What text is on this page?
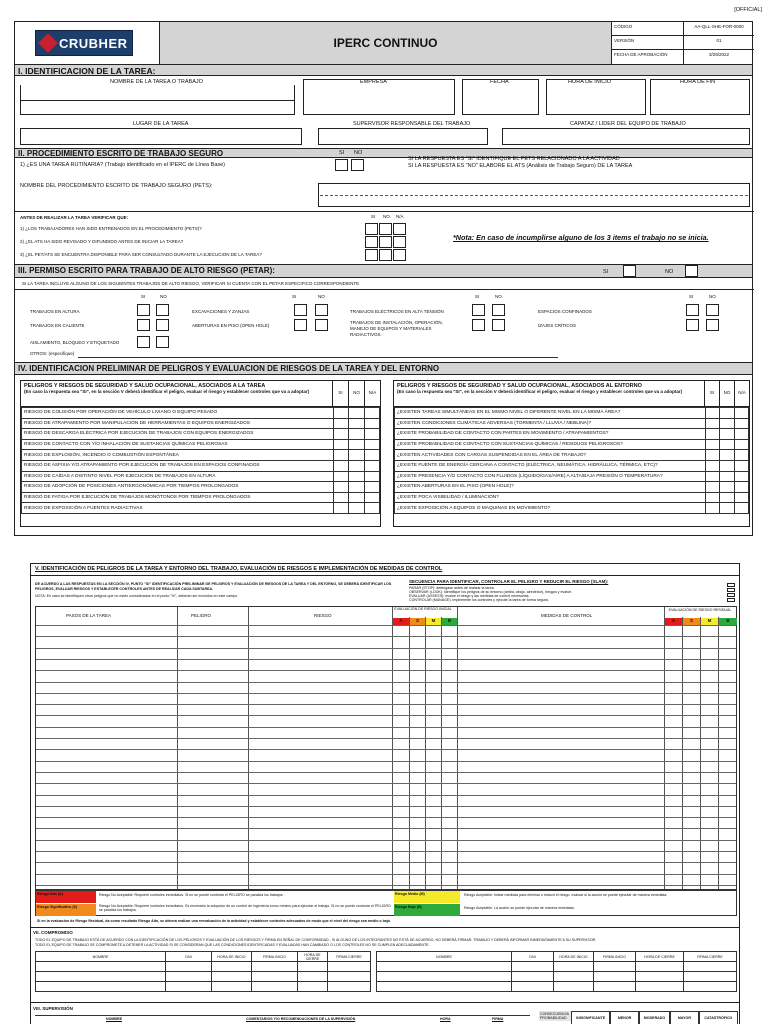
[OFFICIAL]
CRUBHER	IPERC CONTINUO
CÓDIGO	AA-QLL-SHE-FOR-0000
VERSIÓN	01
FECHA DE APROBACIÓN	3/29/2022
I. IDENTIFICACION DE LA TAREA:
NOMBRE DE LA TAREA O TRABAJO	EMPRESA	FECHA	HORA DE INICIO	HORA DE FIN
LUGAR DE LA TAREA	SUPERVISOR RESPONSABLE DEL TRABAJO	CAPATAZ / LIDER DEL EQUIPO DE TRABAJO
II. PROCEDIMIENTO ESCRITO DE TRABAJO SEGURO	SI NO
1) ¿ES UNA TAREA RUTINARIA? (Trabajo identificado en el IPERC de Línea Base)
SI LA RESPUESTA ES "SI" IDENTIFIQUE EL PETS RELACIONADO A LA ACTIVIDAD
SI LA RESPUESTA ES "NO" ELABORE EL ATS (Análisis de Trabajo Seguro) DE LA TAREA
NOMBRE DEL PROCEDIMIENTO ESCRITO DE TRABAJO SEGURO (PETS):
ANTES DE REALIZAR LA TAREA VERIFICAR QUE:	SI NO N/A
1) ¿LOS TRABAJADORES HAN SIDO ENTRENADOS EN EL PROCEDIMIENTO (PETS)?
2) ¿EL ATS HA SIDO REVISADO Y DIFUNDIDO ANTES DE INICIAR LA TAREA?
3) ¿EL PET/ATS SE ENCUENTRA DISPONIBLE PARA SER CONSULTADO DURANTE LA EJECUCION DE LA TAREA?
*Nota: En caso de incumplirse alguno de los 3 items el trabajo no se inicia.
III. PERMISO ESCRITO PARA TRABAJO DE ALTO RIESGO (PETAR):	SI	NO
SI LA TAREA INCLUYE ALGUNO DE LOS SIGUIENTES TRABAJOS DE ALTO RIESGO, VERIFICAR SI CUENTA CON EL PETAR ESPECIFICO CORRESPONDIENTE
SI	NO	SI	NO	SI	NO	SI	NO
TRABAJOS EN ALTURA
TRABAJOS EN CALIENTE
EXCAVACIONES Y ZANJAS
ABERTURAS EN PISO (OPEN HOLE)
TRABAJOS ELÉCTRICOS EN ALTA TENSIÓN
TRABAJOS DE INSTALACIÓN, OPERACIÓN, MANEJO DE EQUIPOS Y MATERIALES RADIACTIVOS.
ESPACIOS CONFINADOS
IZAJES CRÍTICOS
AISLAMIENTO, BLOQUEO Y ETIQUETADO
OTROS: (especifique)
IV. IDENTIFICACION PRELIMINAR DE PELIGROS Y EVALUACION DE RIESGOS DE LA TAREA Y DEL ENTORNO
PELIGROS Y RIESGOS DE SEGURIDAD Y SALUD OCUPACIONAL, ASOCIADOS A LA TAREA
(En caso la respuesta sea "SI", en la sección V deberá identificar el peligro, evaluar el riesgo y establecer controles que va a adoptar)	SI	NO	N/A
RIESGO DE COLISIÓN POR OPERACIÓN DE VEHÍCULO LIVIANO O EQUIPO PESADO			
RIESGO DE ATRAPAMIENTO POR MANIPULACIÓN DE HERRAMIENTAS O EQUIPOS ENERGIZADOS			
RIESGO DE DESCARGA ELÉCTRICA POR EJECUCIÓN DE TRABAJOS CON EQUIPOS ENERGIZADOS			
RIESGO DE CONTACTO CON Y/O INHALACIÓN DE SUSTANCIAS QUÍMICAS PELIGROSAS			
RIESGO DE EXPLOSIÓN, INCENDIO O COMBUSTIÓN ESPONTÁNEA			
RIESGO DE ASFIXIA Y/O ATRAPAMIENTO POR EJECUCIÓN DE TRABAJOS EN ESPACIOS CONFINADOS			
RIESGO DE CAÍDAS A DISTINTO NIVEL POR EJECUCIÓN DE TRABAJOS EN ALTURA			
RIESGO DE ADOPCIÓN DE POSICIONES ANTIERGONÓMICAS POR TIEMPOS PROLONGADOS			
RIESGO DE FATIGA POR EJECUCIÓN DE TRABAJOS MONÓTONOS POR TIEMPOS PROLONGADOS			
RIESGO DE EXPOSICIÓN A FUENTES RADIACTIVAS			
PELIGROS Y RIESGOS DE SEGURIDAD Y SALUD OCUPACIONAL, ASOCIADOS AL ENTORNO
(En caso la respuesta sea "SI", en la sección V deberá identificar el peligro, evaluar el riesgo y establecer controles que va a adoptar)	SI	NO	N/A
¿EXISTEN TAREAS SIMULTÁNEAS EN EL MISMO NIVEL O DIFERENTE NIVEL EN LA MISMA ÁREA?			
¿EXISTEN CONDICIONES CLIMÁTICAS ADVERSAS (TORMENTA / LLUVIA / NEBLINA)?			
¿EXISTE PROBABILIDAD DE CONTACTO CON PARTES EN MOVIMIENTO / ATRAPAMIENTOS?			
¿EXISTE PROBABILIDAD DE CONTACTO CON SUSTANCIAS QUÍMICAS / RESIDUOS PELIGROSOS?			
¿EXISTEN ACTIVIDADES CON CARGAS SUSPENDIDAS EN EL ÁREA DE TRABAJO?			
¿EXISTE FUENTE DE ENERGÍA CERCANA A CONTACTO (ELÉCTRICA, NEUMÁTICA, HIDRÁULICA, TÉRMICA, ETC)?			
¿EXISTE PRESENCIA Y/O CONTACTO CON FLUIDOS (LÍQUIDO/GAS/AIRE) A ALTA/BAJA PRESIÓN O TEMPERATURA?			
¿EXISTEN ABERTURAS EN EL PISO (OPEN HOLE)?			
¿EXISTE POCA VISIBILIDAD / ILUMINACIÓN?			
¿EXISTE EXPOSICIÓN A EQUIPOS O MAQUINAS EN MOVIMIENTO?			
V. IDENTIFICACIÓN DE PELIGROS DE LA TAREA Y ENTORNO DEL TRABAJO, EVALUACIÓN DE RIESGOS E IMPLEMENTACIÓN DE MEDIDAS DE CONTROL
DE ACUERDO A LAS RESPUESTAS EN LA SECCIÓN IV, PUNTO "SI" IDENTIFICACIÓN PRELIMINAR DE PELIGROS Y EVALUACIÓN DE RIESGOS DE LA TAREA Y DEL ENTORNO, SE DEBERÁ IDENTIFICAR LOS PELIGROS, EVALUAR RIESGOS Y ESTABLECER CONTROLES ANTES DE REALIZAR CADA SUBTAREA.
NOTA: En caso se identifiquen otros peligros que no estén considerados en el punto "IV", deberán ser incluidos en este campo.
SECUENCIA PARA IDENTIFICAR, CONTROLAR EL PELIGRO Y REDUCIR EL RIESGO (SLAM):
PARAR (STOP): deténgase antes de realizar la tarea.
OBSERVAR (LOOK): identifique los peligros de su entorno (arriba, abajo, alrededor), riesgos y evalúe.
EVALUAR (ASSESS): evalúe el riesgo y las medidas de control necesarias.
CONTROLAR (MANAGE): implemente los controles y ejecute la tarea de forma segura.
PASOS DE LA TAREA	PELIGRO	RIESGO
EVALUACIÓN DE RIESGO INICIAL
MEDIDAS DE CONTROL
EVALUACIÓN DE RIESGO RESIDUAL
A	S	M	B	A	S	M	B
Riesgo Alto (A)	Riesgo No Aceptable: Requiere controles inmediatos. Si no se puede controlar el PELIGRO se paraliza los trabajos.
Riesgo Significativo (S)	Riesgo No Aceptable: Requiere controles inmediatos. Es necesario la adopción de un control de ingeniería como mínimo para ejecutar el trabajo. Si no se puede controlar el PELIGRO se paraliza los trabajos.
Riesgo Medio (M)	Riesgo Aceptable: Iniciar medidas para eliminar o reducir el riesgo, evaluar si la acción se puede ejecutar de manera inmediata.
Riesgo Bajo (B)	Riesgo Aceptable. La acción se puede ejecutar de manera inmediata.
Si en la evaluación de Riesgo Residual, da como resultado Riesgo Alto, se deberá realizar una reevaluación de la actividad y establecer controles adecuados de modo que el nivel del riesgo sea medio o bajo.
VII. COMPROMISO
TODO EL EQUIPO DE TRABAJO ESTÁ DE ACUERDO CON LA IDENTIFICACIÓN DE LOS PELIGROS Y EVALUACIÓN DE LOS RIESGOS Y FIRMA EN SEÑAL DE CONFORMIDAD - SI ALGUNO DE LOS INTEGRANTES NO ESTÁ DE ACUERDO, NO DEBERÁ FIRMAR. TRABAJO Y DEBERÁ INFORMAR INMEDIATAMENTE A SU SUPERVISOR.
TODO EL EQUIPO DE TRABAJO SE COMPROMETE A DETENER LA ACTIVIDAD SI SE CONSIDERAN QUE LAS CONDICIONES IDENTIFICADAS Y EVALUADAS HAN CAMBIADO O LOS CONTROLES NO SE CUMPLEN ADECUADAMENTE.
NOMBRE	DNI	HORA DE INICIO	FIRMA INICIO	HORA DE CIERRE	FIRMA CIERRE

						NOMBRE	DNI	HORA DE INICIO	FIRMA INICIO	HORA DE CIERRE	FIRMA CIERRE

VIII. SUPERVISIÓN
NOMBRE	COMENTARIOS Y/O RECOMENDACIONES DE LA SUPERVISIÓN	HORA	FIRMA
CONSECUENCIA PROBABILIDAD	INSIGNIFICANTE	MENOR	MODERADO	MAYOR	CATASTRÓFICO
